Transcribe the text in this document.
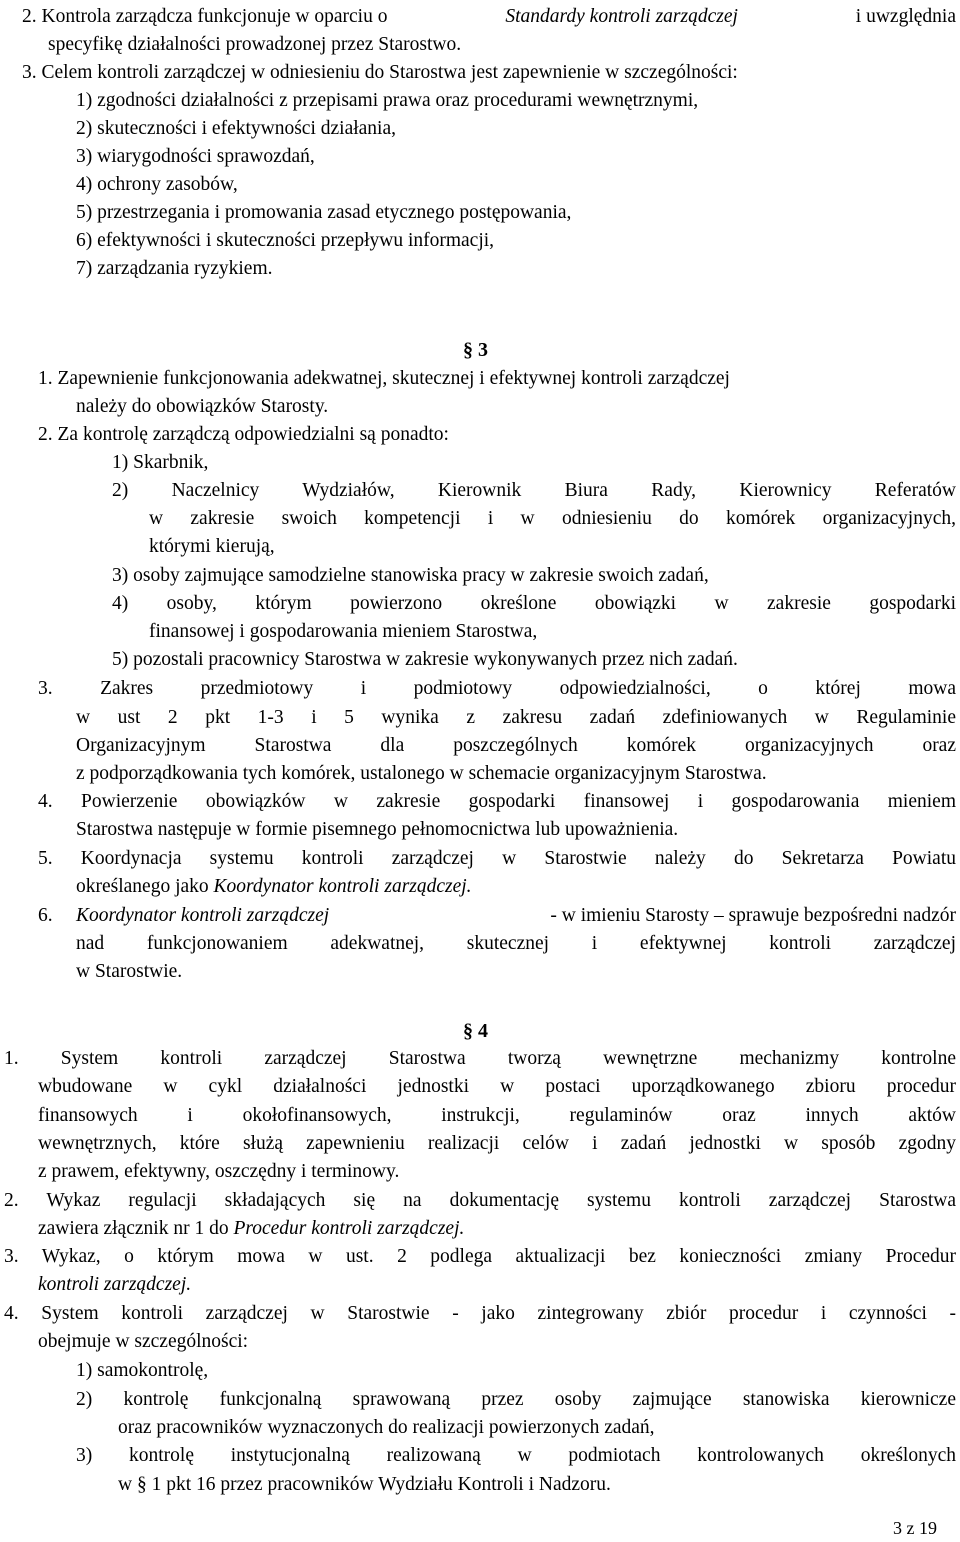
2. Kontrola zarządcza funkcjonuje w oparciu o	Standardy kontroli zarządczej	i uwzględnia
specyfikę działalności prowadzonej przez Starostwo.
3. Celem kontroli zarządczej w odniesieniu do Starostwa jest zapewnienie w szczególności:
1) zgodności działalności z przepisami prawa oraz procedurami wewnętrznymi,
2) skuteczności i efektywności działania,
3) wiarygodności sprawozdań,
4) ochrony zasobów,
5) przestrzegania i promowania zasad etycznego postępowania,
6) efektywności i skuteczności przepływu informacji,
7) zarządzania ryzykiem.
§ 3
1. Zapewnienie funkcjonowania adekwatnej, skutecznej i efektywnej kontroli zarządczej
należy do obowiązków Starosty.
2. Za kontrolę zarządczą odpowiedzialni są ponadto:
1) Skarbnik,
2) Naczelnicy Wydziałów, Kierownik Biura Rady, Kierownicy Referatów
w zakresie swoich kompetencji i w odniesieniu do komórek organizacyjnych,
którymi kierują,
3) osoby zajmujące samodzielne stanowiska pracy w zakresie swoich zadań,
4) osoby, którym powierzono określone obowiązki w zakresie gospodarki
finansowej i gospodarowania mieniem Starostwa,
5) pozostali pracownicy Starostwa w zakresie wykonywanych przez nich zadań.
3. Zakres przedmiotowy i podmiotowy odpowiedzialności, o której mowa
w ust 2 pkt 1-3 i 5 wynika z zakresu zadań zdefiniowanych w Regulaminie
Organizacyjnym Starostwa dla poszczególnych komórek organizacyjnych oraz
z podporządkowania tych komórek, ustalonego w schemacie organizacyjnym Starostwa.
4. Powierzenie obowiązków w zakresie gospodarki finansowej i gospodarowania mieniem
Starostwa następuje w formie pisemnego pełnomocnictwa lub upoważnienia.
5. Koordynacja systemu kontroli zarządczej w Starostwie należy do Sekretarza Powiatu
określanego jako Koordynator kontroli zarządczej.
6. Koordynator kontroli zarządczej	- w imieniu Starosty – sprawuje bezpośredni nadzór
nad funkcjonowaniem adekwatnej, skutecznej i efektywnej kontroli zarządczej
w Starostwie.
§ 4
1. System kontroli zarządczej Starostwa tworzą wewnętrzne mechanizmy kontrolne
wbudowane w cykl działalności jednostki w postaci uporządkowanego zbioru procedur
finansowych i okołofinansowych, instrukcji, regulaminów oraz innych aktów
wewnętrznych, które służą zapewnieniu realizacji celów i zadań jednostki w sposób zgodny
z prawem, efektywny, oszczędny i terminowy.
2. Wykaz regulacji składających się na dokumentację systemu kontroli zarządczej Starostwa
zawiera złącznik nr 1 do Procedur kontroli zarządczej.
3. Wykaz, o którym mowa w ust. 2 podlega aktualizacji bez konieczności zmiany Procedur
kontroli zarządczej.
4. System kontroli zarządczej w Starostwie - jako zintegrowany zbiór procedur i czynności -
obejmuje w szczególności:
1) samokontrolę,
2) kontrolę funkcjonalną sprawowaną przez osoby zajmujące stanowiska kierownicze
oraz pracowników wyznaczonych do realizacji powierzonych zadań,
3) kontrolę instytucjonalną realizowaną w podmiotach kontrolowanych określonych
w § 1 pkt 16 przez pracowników Wydziału Kontroli i Nadzoru.
3 z 19
